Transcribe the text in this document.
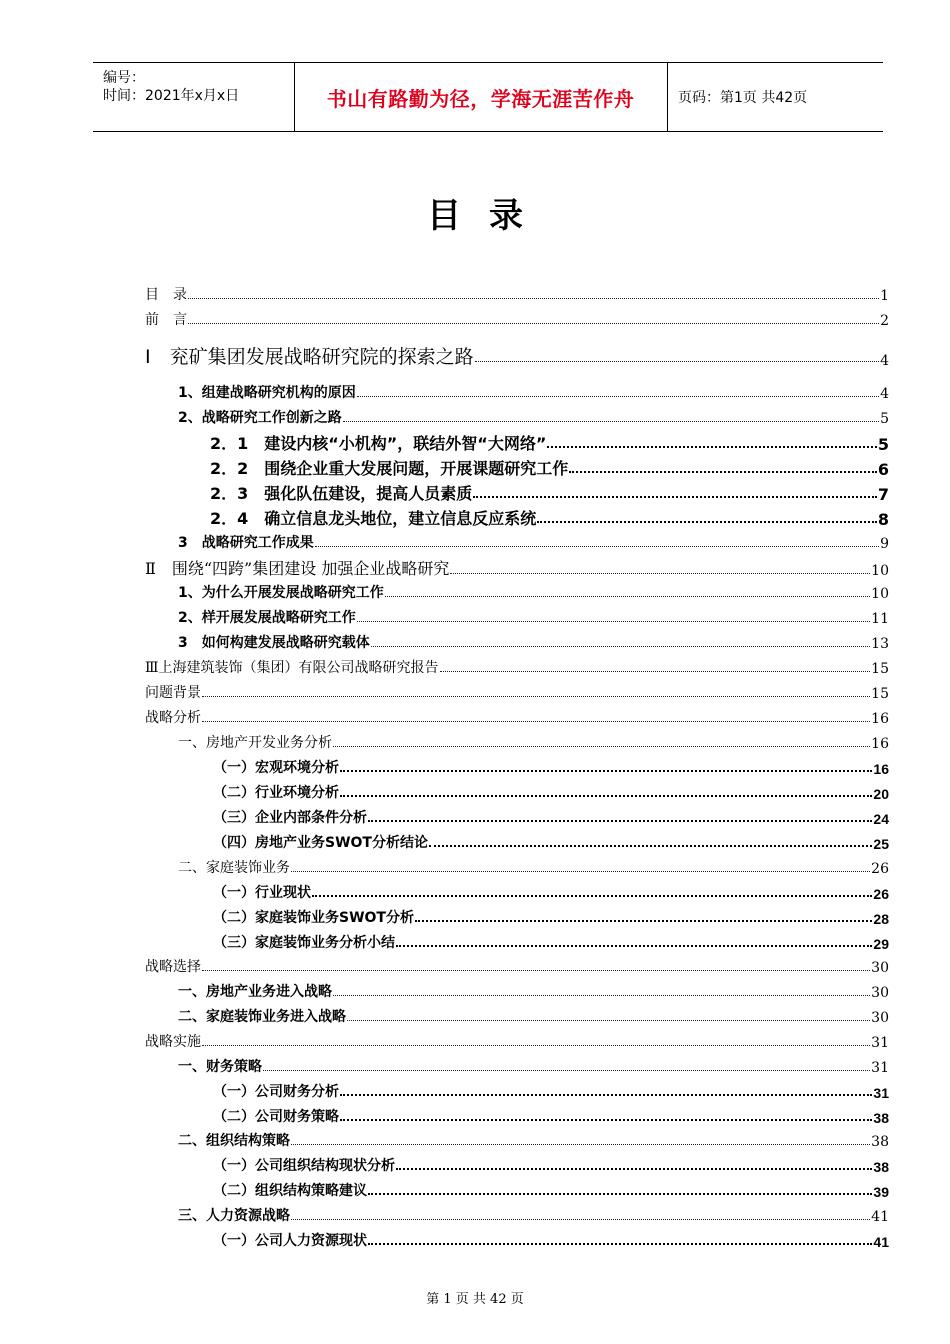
编号：
时间：2021年x月x日	书山有路勤为径，学海无涯苦作舟	页码：第1页 共42页
目录
目　录	1
前　言	2
Ⅰ　兖矿集团发展战略研究院的探索之路	4
1、组建战略研究机构的原因	4
2、战略研究工作创新之路	5
2．1　建设内核“小机构”，联结外智“大网络”	5
2．2　围绕企业重大发展问题，开展课题研究工作	6
2．3　强化队伍建设，提高人员素质	7
2．4　确立信息龙头地位，建立信息反应系统	8
3　战略研究工作成果	9
Ⅱ　围绕“四跨”集团建设 加强企业战略研究	10
1、为什么开展发展战略研究工作	10
2、样开展发展战略研究工作	11
3　如何构建发展战略研究载体	13
Ⅲ上海建筑装饰（集团）有限公司战略研究报告	15
问题背景	15
战略分析	16
一、房地产开发业务分析	16
（一）宏观环境分析	16
（二）行业环境分析	20
（三）企业内部条件分析	24
（四）房地产业务SWOT分析结论	25
二、家庭装饰业务	26
（一）行业现状	26
（二）家庭装饰业务SWOT分析	28
（三）家庭装饰业务分析小结	29
战略选择	30
一、房地产业务进入战略	30
二、家庭装饰业务进入战略	30
战略实施	31
一、财务策略	31
（一）公司财务分析	31
（二）公司财务策略	38
二、组织结构策略	38
（一）公司组织结构现状分析	38
（二）组织结构策略建议	39
三、人力资源战略	41
（一）公司人力资源现状	41
第 1 页 共 42 页
